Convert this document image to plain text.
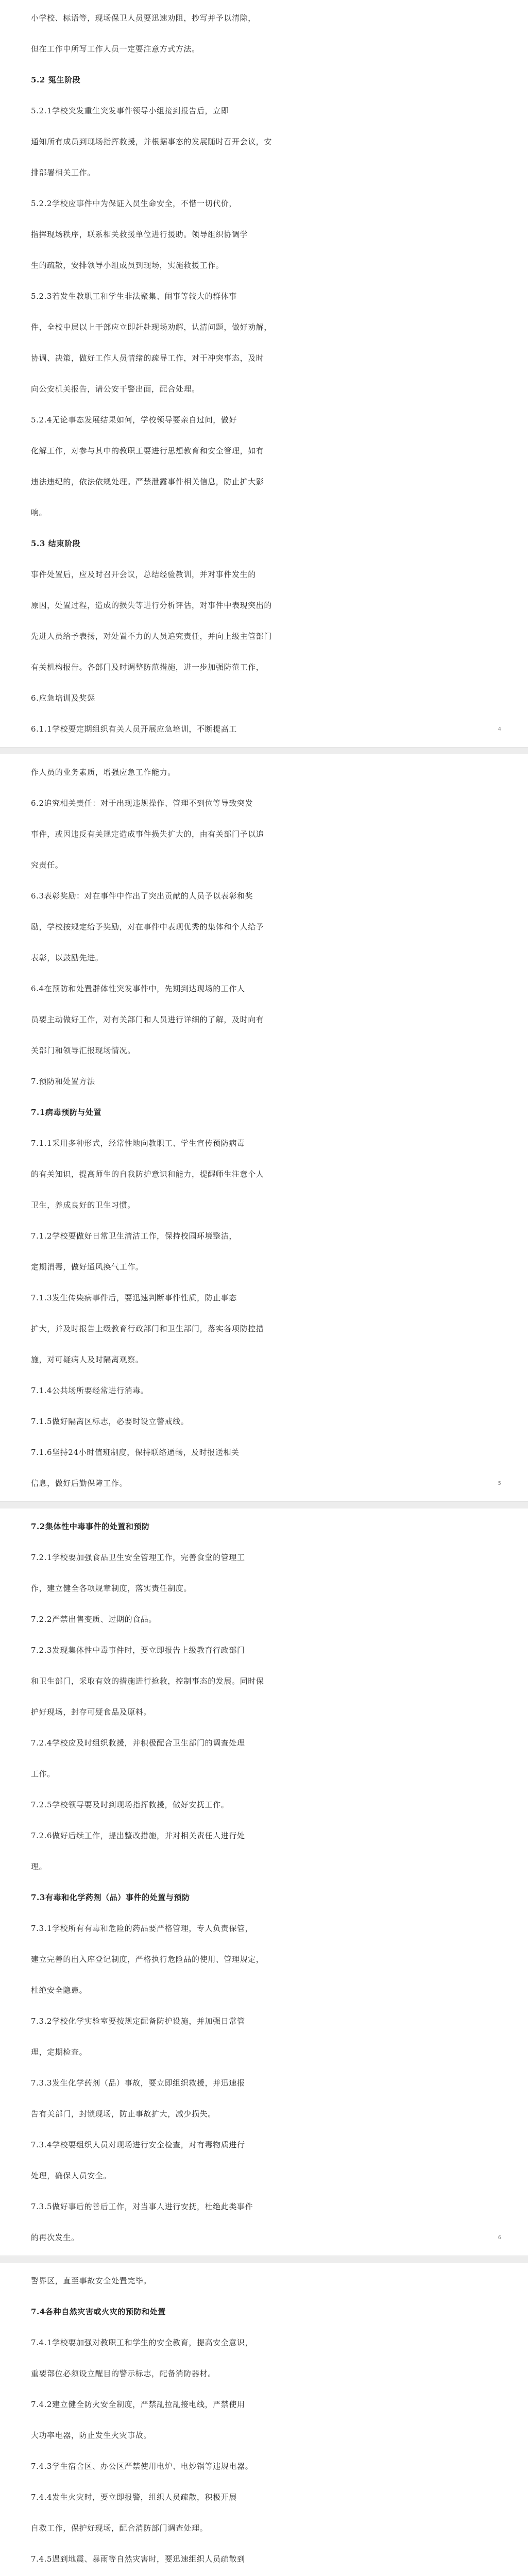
小学校、标语等，现场保卫人员要迅速劝阻，抄写并予以清除，

但在工作中所写工作人员一定要注意方式方法。

5.2 冤生阶段

5.2.1学校突发重生突发事件领导小组接到报告后，立即

通知所有成员到现场指挥救援，并根据事态的发展随时召开会议，安

排部署相关工作。

5.2.2学校应事件中为保证入员生命安全，不惜一切代价，

指挥现场秩序，联系相关救援单位进行援助。领导组织协调学

生的疏散，安排领导小组成员到现场，实施救援工作。

5.2.3若发生教职工和学生非法聚集、闹事等较大的群体事

件，全校中层以上干部应立即赶赴现场劝解，认清问题，做好劝解，

协调、决策，做好工作人员情绪的疏导工作，对于冲突事态，及时

向公安机关报告，请公安干警出面，配合处理。

5.2.4无论事态发展结果如何，学校领导要亲自过问，做好

化解工作，对参与其中的教职工要进行思想教育和安全管理，如有

违法违纪的，依法依规处理。严禁泄露事件相关信息，防止扩大影

响。

5.3 结束阶段

事件处置后，应及时召开会议，总结经验教训，并对事件发生的

原因，处置过程，造成的损失等进行分析评估，对事件中表现突出的

先进人员给予表扬，对处置不力的人员追究责任，并向上级主管部门

有关机构报告。各部门及时调整防范措施，进一步加强防范工作，

6.应急培训及奖惩

6.1.1学校要定期组织有关人员开展应急培训，不断提高工	4

作人员的业务素质，增强应急工作能力。

6.2追究相关责任：对于出现违规操作、管理不到位等导致突发

事件，或因违反有关规定造成事件损失扩大的，由有关部门予以追

究责任。

6.3表彰奖励：对在事件中作出了突出贡献的人员予以表彰和奖

励，学校按规定给予奖励，对在事件中表现优秀的集体和个人给予

表彰，以鼓励先进。

6.4在预防和处置群体性突发事件中，先期到达现场的工作人

员要主动做好工作，对有关部门和人员进行详细的了解，及时向有

关部门和领导汇报现场情况。

7.预防和处置方法

7.1病毒预防与处置

7.1.1采用多种形式，经常性地向教职工、学生宣传预防病毒

的有关知识，提高师生的自我防护意识和能力，提醒师生注意个人

卫生，养成良好的卫生习惯。

7.1.2学校要做好日常卫生清洁工作，保持校园环境整洁，

定期消毒，做好通风换气工作。

7.1.3发生传染病事件后，要迅速判断事件性质，防止事态

扩大，并及时报告上级教育行政部门和卫生部门，落实各项防控措

施，对可疑病人及时隔离观察。

7.1.4公共场所要经常进行消毒。

7.1.5做好隔离区标志，必要时设立警戒线。

7.1.6坚持24小时值班制度，保持联络通畅，及时报送相关

信息，做好后勤保障工作。	5

7.2集体性中毒事件的处置和预防

7.2.1学校要加强食品卫生安全管理工作，完善食堂的管理工

作，建立健全各项规章制度，落实责任制度。

7.2.2严禁出售变质、过期的食品。

7.2.3发现集体性中毒事件时，要立即报告上级教育行政部门

和卫生部门，采取有效的措施进行抢救，控制事态的发展。同时保

护好现场，封存可疑食品及原料。

7.2.4学校应及时组织救援，并积极配合卫生部门的调查处理

工作。

7.2.5学校领导要及时到现场指挥救援，做好安抚工作。

7.2.6做好后续工作，提出整改措施，并对相关责任人进行处

理。

7.3有毒和化学药剂（品）事件的处置与预防

7.3.1学校所有有毒和危险的药品要严格管理，专人负责保管，

建立完善的出入库登记制度，严格执行危险品的使用、管理规定，

杜绝安全隐患。

7.3.2学校化学实验室要按规定配备防护设施，并加强日常管

理，定期检查。

7.3.3发生化学药剂（品）事故，要立即组织救援，并迅速报

告有关部门，封锁现场，防止事故扩大，减少损失。

7.3.4学校要组织人员对现场进行安全检查，对有毒物质进行

处理，确保人员安全。

7.3.5做好事后的善后工作，对当事人进行安抚，杜绝此类事件

的再次发生。	6

警界区，直至事故安全处置完毕。

7.4各种自然灾害或火灾的预防和处置

7.4.1学校要加强对教职工和学生的安全教育，提高安全意识，

重要部位必须设立醒目的警示标志，配备消防器材。

7.4.2建立健全防火安全制度，严禁乱拉乱接电线，严禁使用

大功率电器，防止发生火灾事故。

7.4.3学生宿舍区、办公区严禁使用电炉、电炒锅等违规电器。

7.4.4发生火灾时，要立即报警，组织人员疏散，积极开展

自救工作，保护好现场，配合消防部门调查处理。

7.4.5遇到地震、暴雨等自然灾害时，要迅速组织人员疏散到
